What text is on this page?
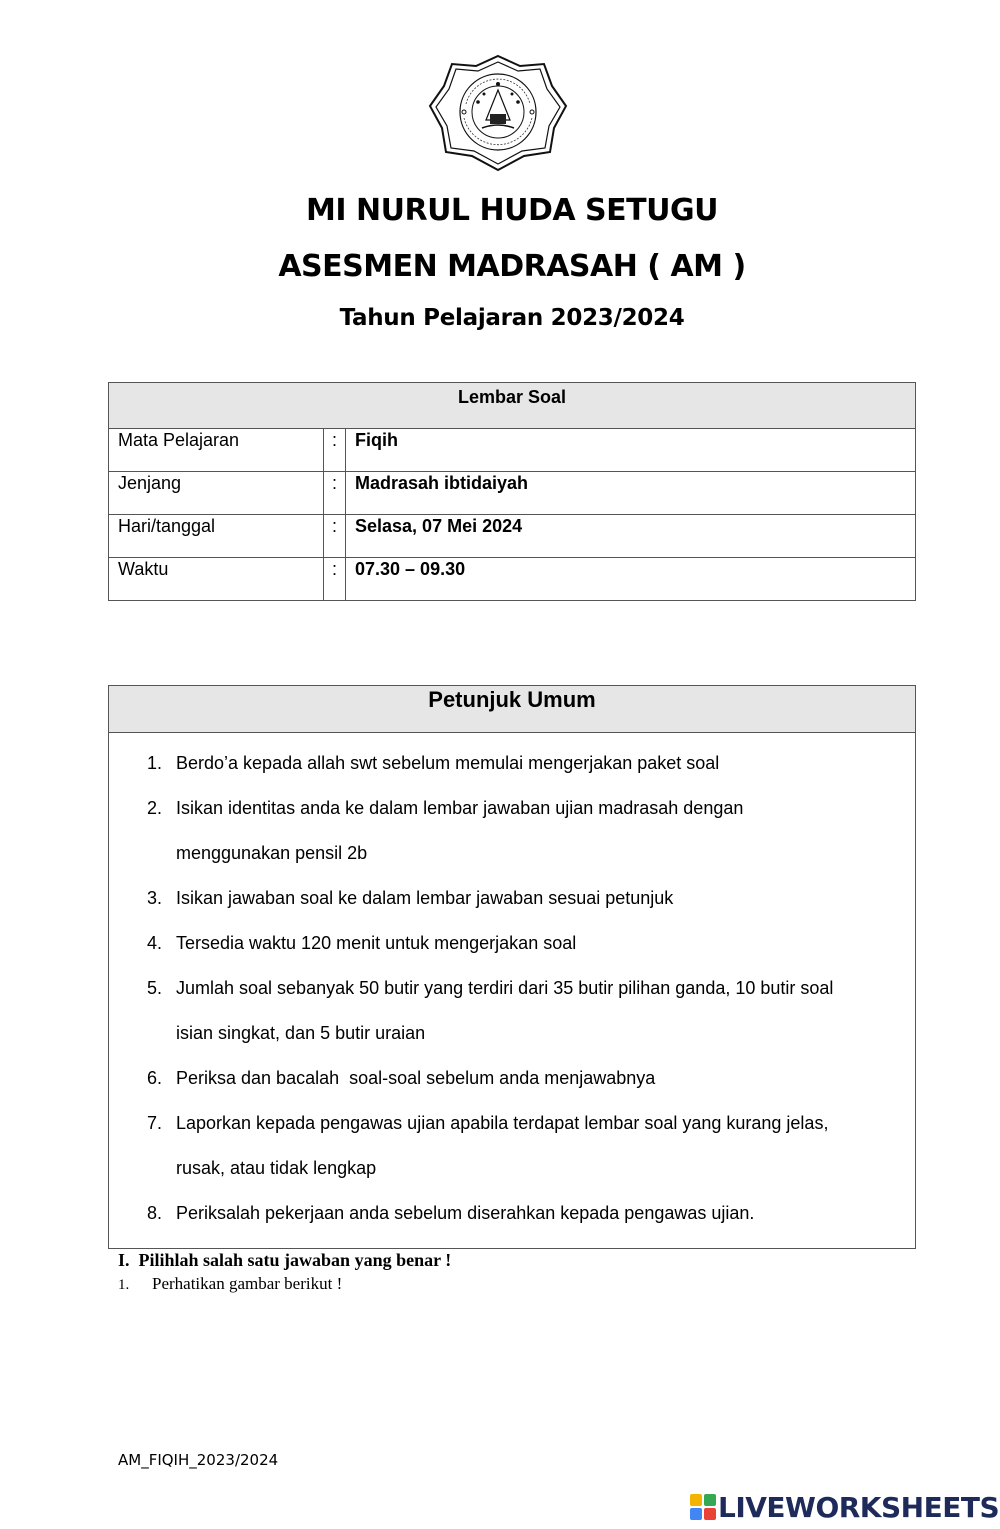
MI NURUL HUDA SETUGU
ASESMEN MADRASAH ( AM )
Tahun Pelajaran 2023/2024
Lembar Soal		
Mata Pelajaran	:	Fiqih
Jenjang	:	Madrasah ibtidaiyah
Hari/tanggal	:	Selasa, 07 Mei 2024
Waktu	:	07.30 – 09.30
Petunjuk Umum
1. Berdo’a kepada allah swt sebelum memulai mengerjakan paket soal
2. Isikan identitas anda ke dalam lembar jawaban ujian madrasah dengan
menggunakan pensil 2b
3. Isikan jawaban soal ke dalam lembar jawaban sesuai petunjuk
4. Tersedia waktu 120 menit untuk mengerjakan soal
5. Jumlah soal sebanyak 50 butir yang terdiri dari 35 butir pilihan ganda, 10 butir soal
isian singkat, dan 5 butir uraian
6. Periksa dan bacalah  soal-soal sebelum anda menjawabnya
7. Laporkan kepada pengawas ujian apabila terdapat lembar soal yang kurang jelas,
rusak, atau tidak lengkap
8. Periksalah pekerjaan anda sebelum diserahkan kepada pengawas ujian.
I.  Pilihlah salah satu jawaban yang benar !
1. Perhatikan gambar berikut !
AM_FIQIH_2023/2024
LIVEWORKSHEETS
